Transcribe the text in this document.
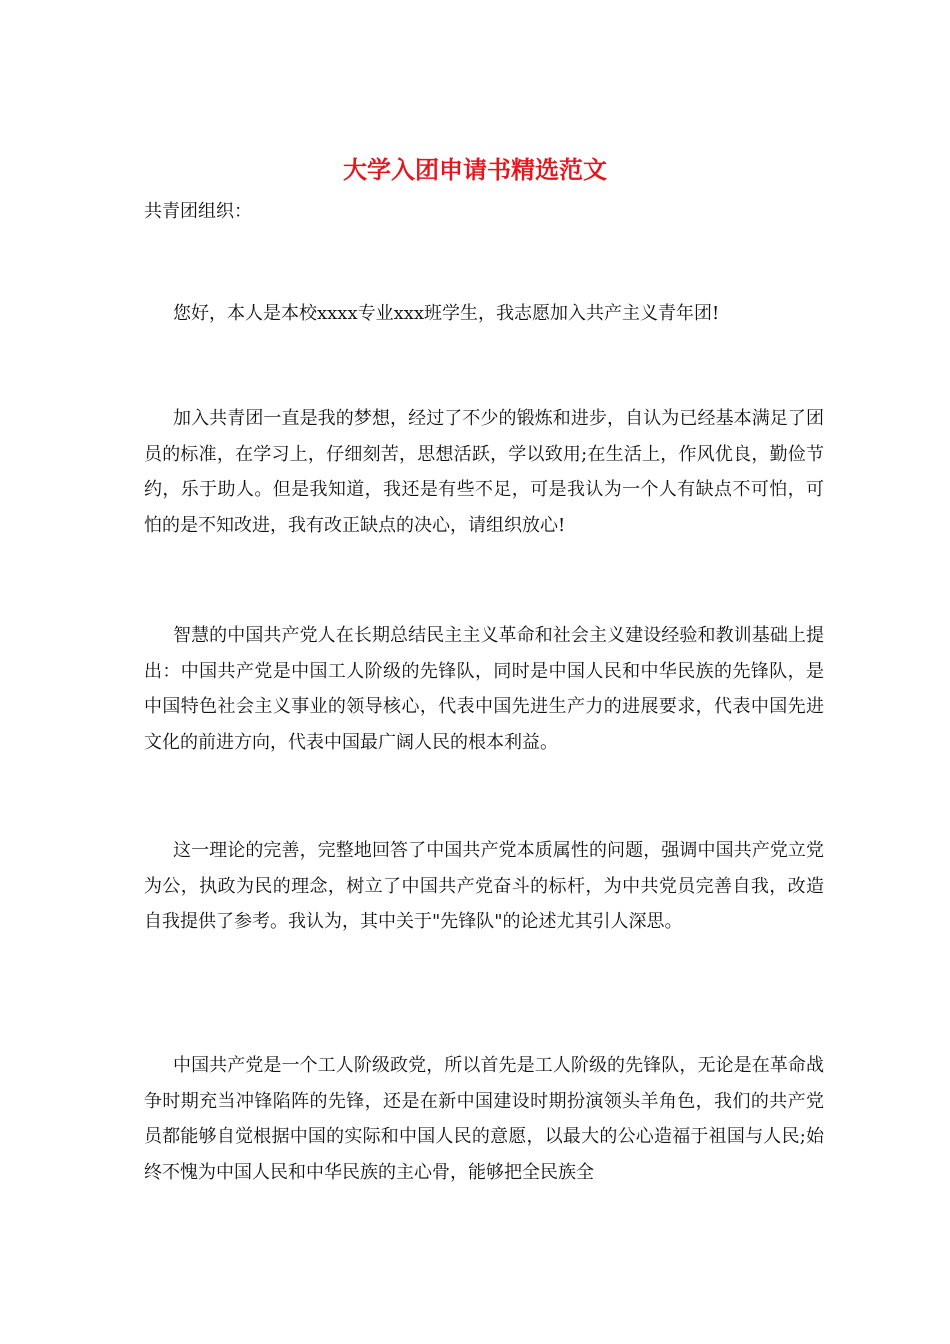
大学入团申请书精选范文
共青团组织：
您好，本人是本校xxxx专业xxx班学生，我志愿加入共产主义青年团!
加入共青团一直是我的梦想，经过了不少的锻炼和进步，自认为已经基本满足了团员的标准，在学习上，仔细刻苦，思想活跃，学以致用;在生活上，作风优良，勤俭节约，乐于助人。但是我知道，我还是有些不足，可是我认为一个人有缺点不可怕，可怕的是不知改进，我有改正缺点的决心，请组织放心!
智慧的中国共产党人在长期总结民主主义革命和社会主义建设经验和教训基础上提出：中国共产党是中国工人阶级的先锋队，同时是中国人民和中华民族的先锋队，是中国特色社会主义事业的领导核心，代表中国先进生产力的进展要求，代表中国先进文化的前进方向，代表中国最广阔人民的根本利益。
这一理论的完善，完整地回答了中国共产党本质属性的问题，强调中国共产党立党为公，执政为民的理念，树立了中国共产党奋斗的标杆，为中共党员完善自我，改造自我提供了参考。我认为，其中关于"先锋队"的论述尤其引人深思。
中国共产党是一个工人阶级政党，所以首先是工人阶级的先锋队，无论是在革命战争时期充当冲锋陷阵的先锋，还是在新中国建设时期扮演领头羊角色，我们的共产党员都能够自觉根据中国的实际和中国人民的意愿，以最大的公心造福于祖国与人民;始终不愧为中国人民和中华民族的主心骨，能够把全民族全
